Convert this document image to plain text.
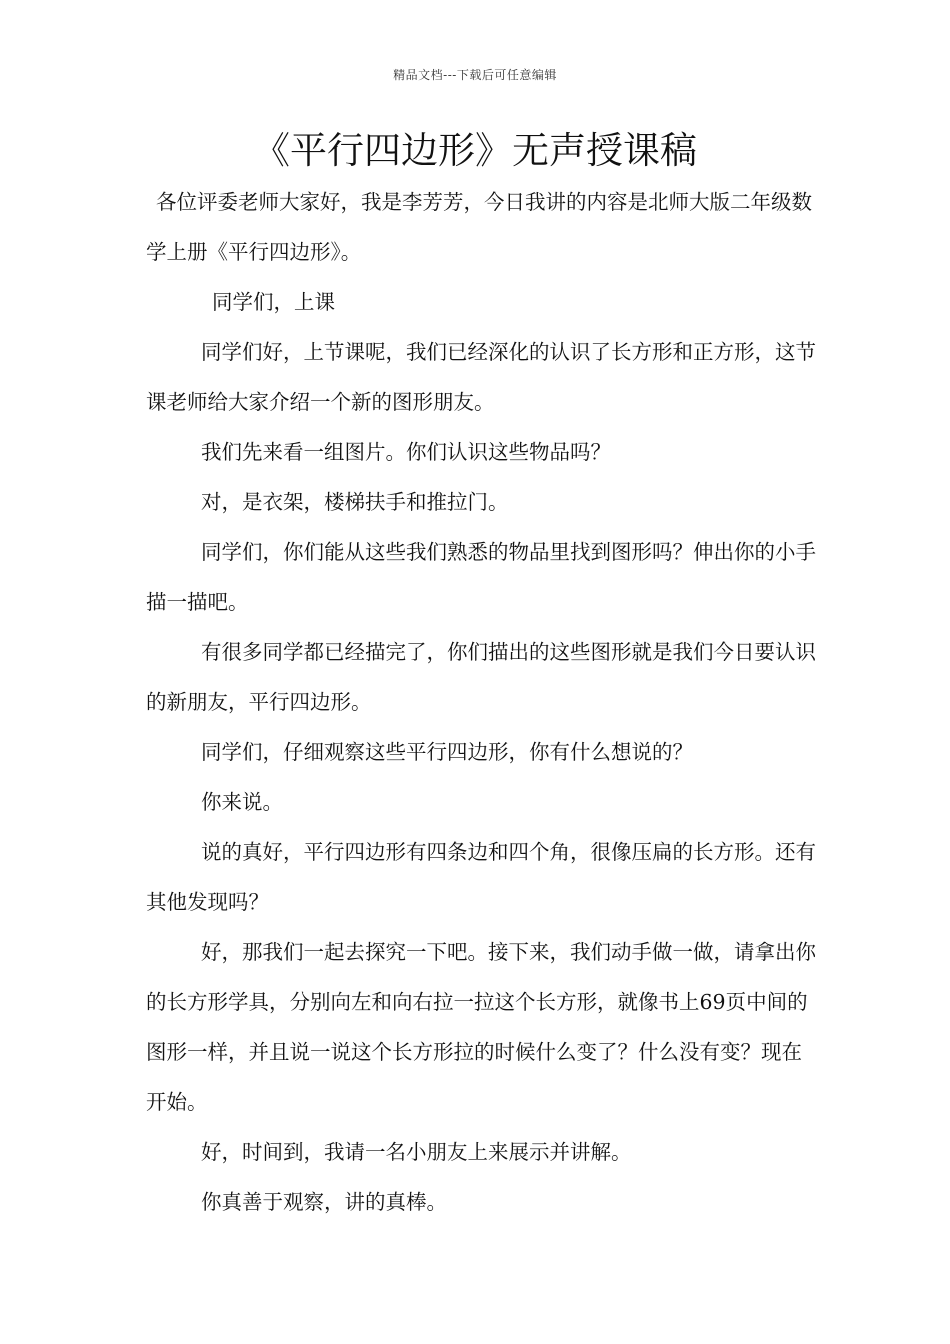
精品文档---下载后可任意编辑
《平行四边形》无声授课稿

各位评委老师大家好，我是李芳芳，今日我讲的内容是北师大版二年级数学上册《平行四边形》。

同学们，上课

同学们好，上节课呢，我们已经深化的认识了长方形和正方形，这节课老师给大家介绍一个新的图形朋友。

我们先来看一组图片。你们认识这些物品吗？

对，是衣架，楼梯扶手和推拉门。

同学们，你们能从这些我们熟悉的物品里找到图形吗？伸出你的小手描一描吧。

有很多同学都已经描完了，你们描出的这些图形就是我们今日要认识的新朋友，平行四边形。

同学们，仔细观察这些平行四边形，你有什么想说的？

你来说。

说的真好，平行四边形有四条边和四个角，很像压扁的长方形。还有其他发现吗？

好，那我们一起去探究一下吧。接下来，我们动手做一做，请拿出你的长方形学具，分别向左和向右拉一拉这个长方形，就像书上69页中间的图形一样，并且说一说这个长方形拉的时候什么变了？什么没有变？现在开始。

好，时间到，我请一名小朋友上来展示并讲解。

你真善于观察，讲的真棒。
